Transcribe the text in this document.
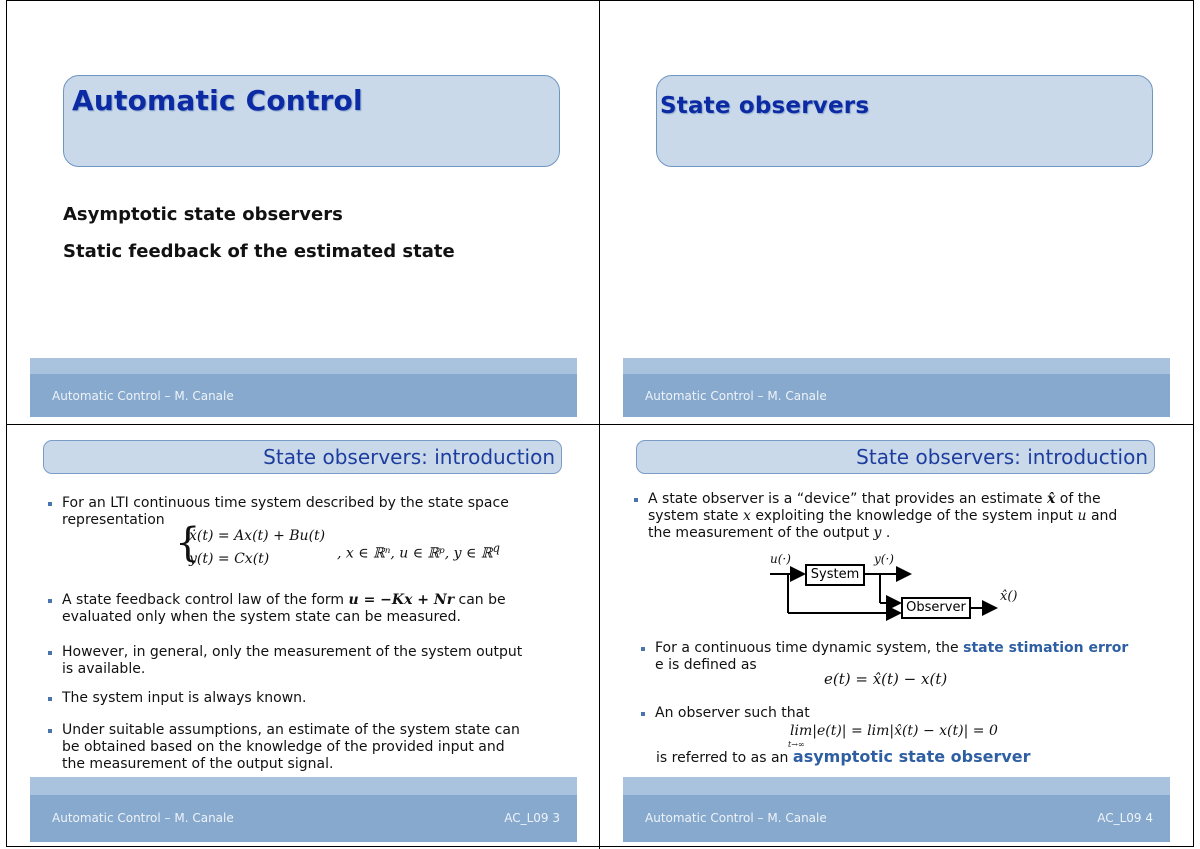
Automatic Control
Asymptotic state observers
Static feedback of the estimated state
Automatic Control – M. Canale
State observers
Automatic Control – M. Canale
State observers: introduction
For an LTI continuous time system described by the state space
representation {
ẋ(t) = Ax(t) + Bu(t)
y(t) = Cx(t)	, x ∈ ℝⁿ, u ∈ ℝᵖ, y ∈ ℝ$^q$
A state feedback control law of the form u = −Kx + Nr can be
evaluated only when the system state can be measured.
However, in general, only the measurement of the system output
is available.
The system input is always known.
Under suitable assumptions, an estimate of the system state can
be obtained based on the knowledge of the provided input and
the measurement of the output signal.
Automatic Control – M. Canale	AC_L09 3
State observers: introduction
A state observer is a “device” that provides an estimate x̂ of the
system state x exploiting the knowledge of the system input u and
the measurement of the output y .
u(·)
System
y(·)
Observer
x̂()
For a continuous time dynamic system, the state stimation error
e is defined as
e(t) = x̂(t) − x(t)
An observer such that
lim|e(t)| = lim|x̂(t) − x(t)| = 0
t→∞
is referred to as an asymptotic state observer
Automatic Control – M. Canale	AC_L09 4
